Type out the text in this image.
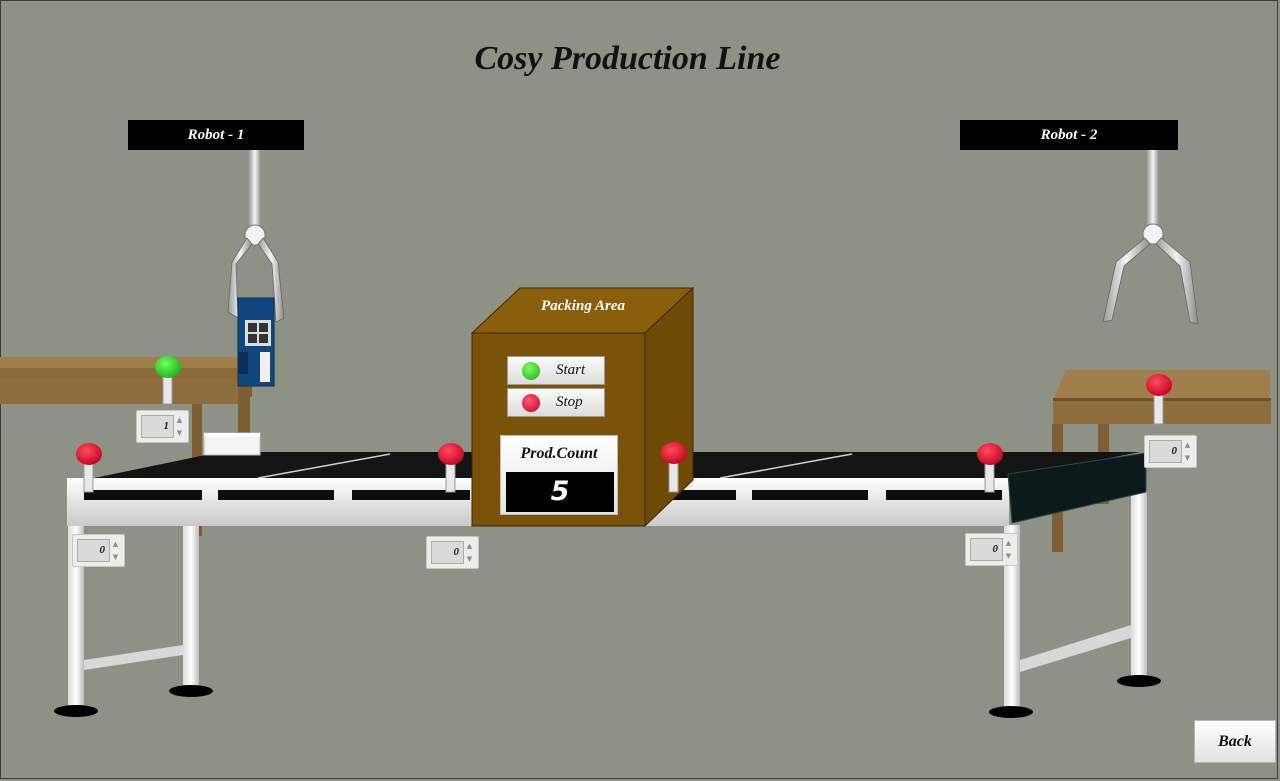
Cosy Production Line
Robot - 1	Robot - 2
Packing Area
Start
Stop
Prod.Count
5
1	▲
▼
0	▲
▼	0	▲
▼
0	▲
▼
0	▲
▼
Back
